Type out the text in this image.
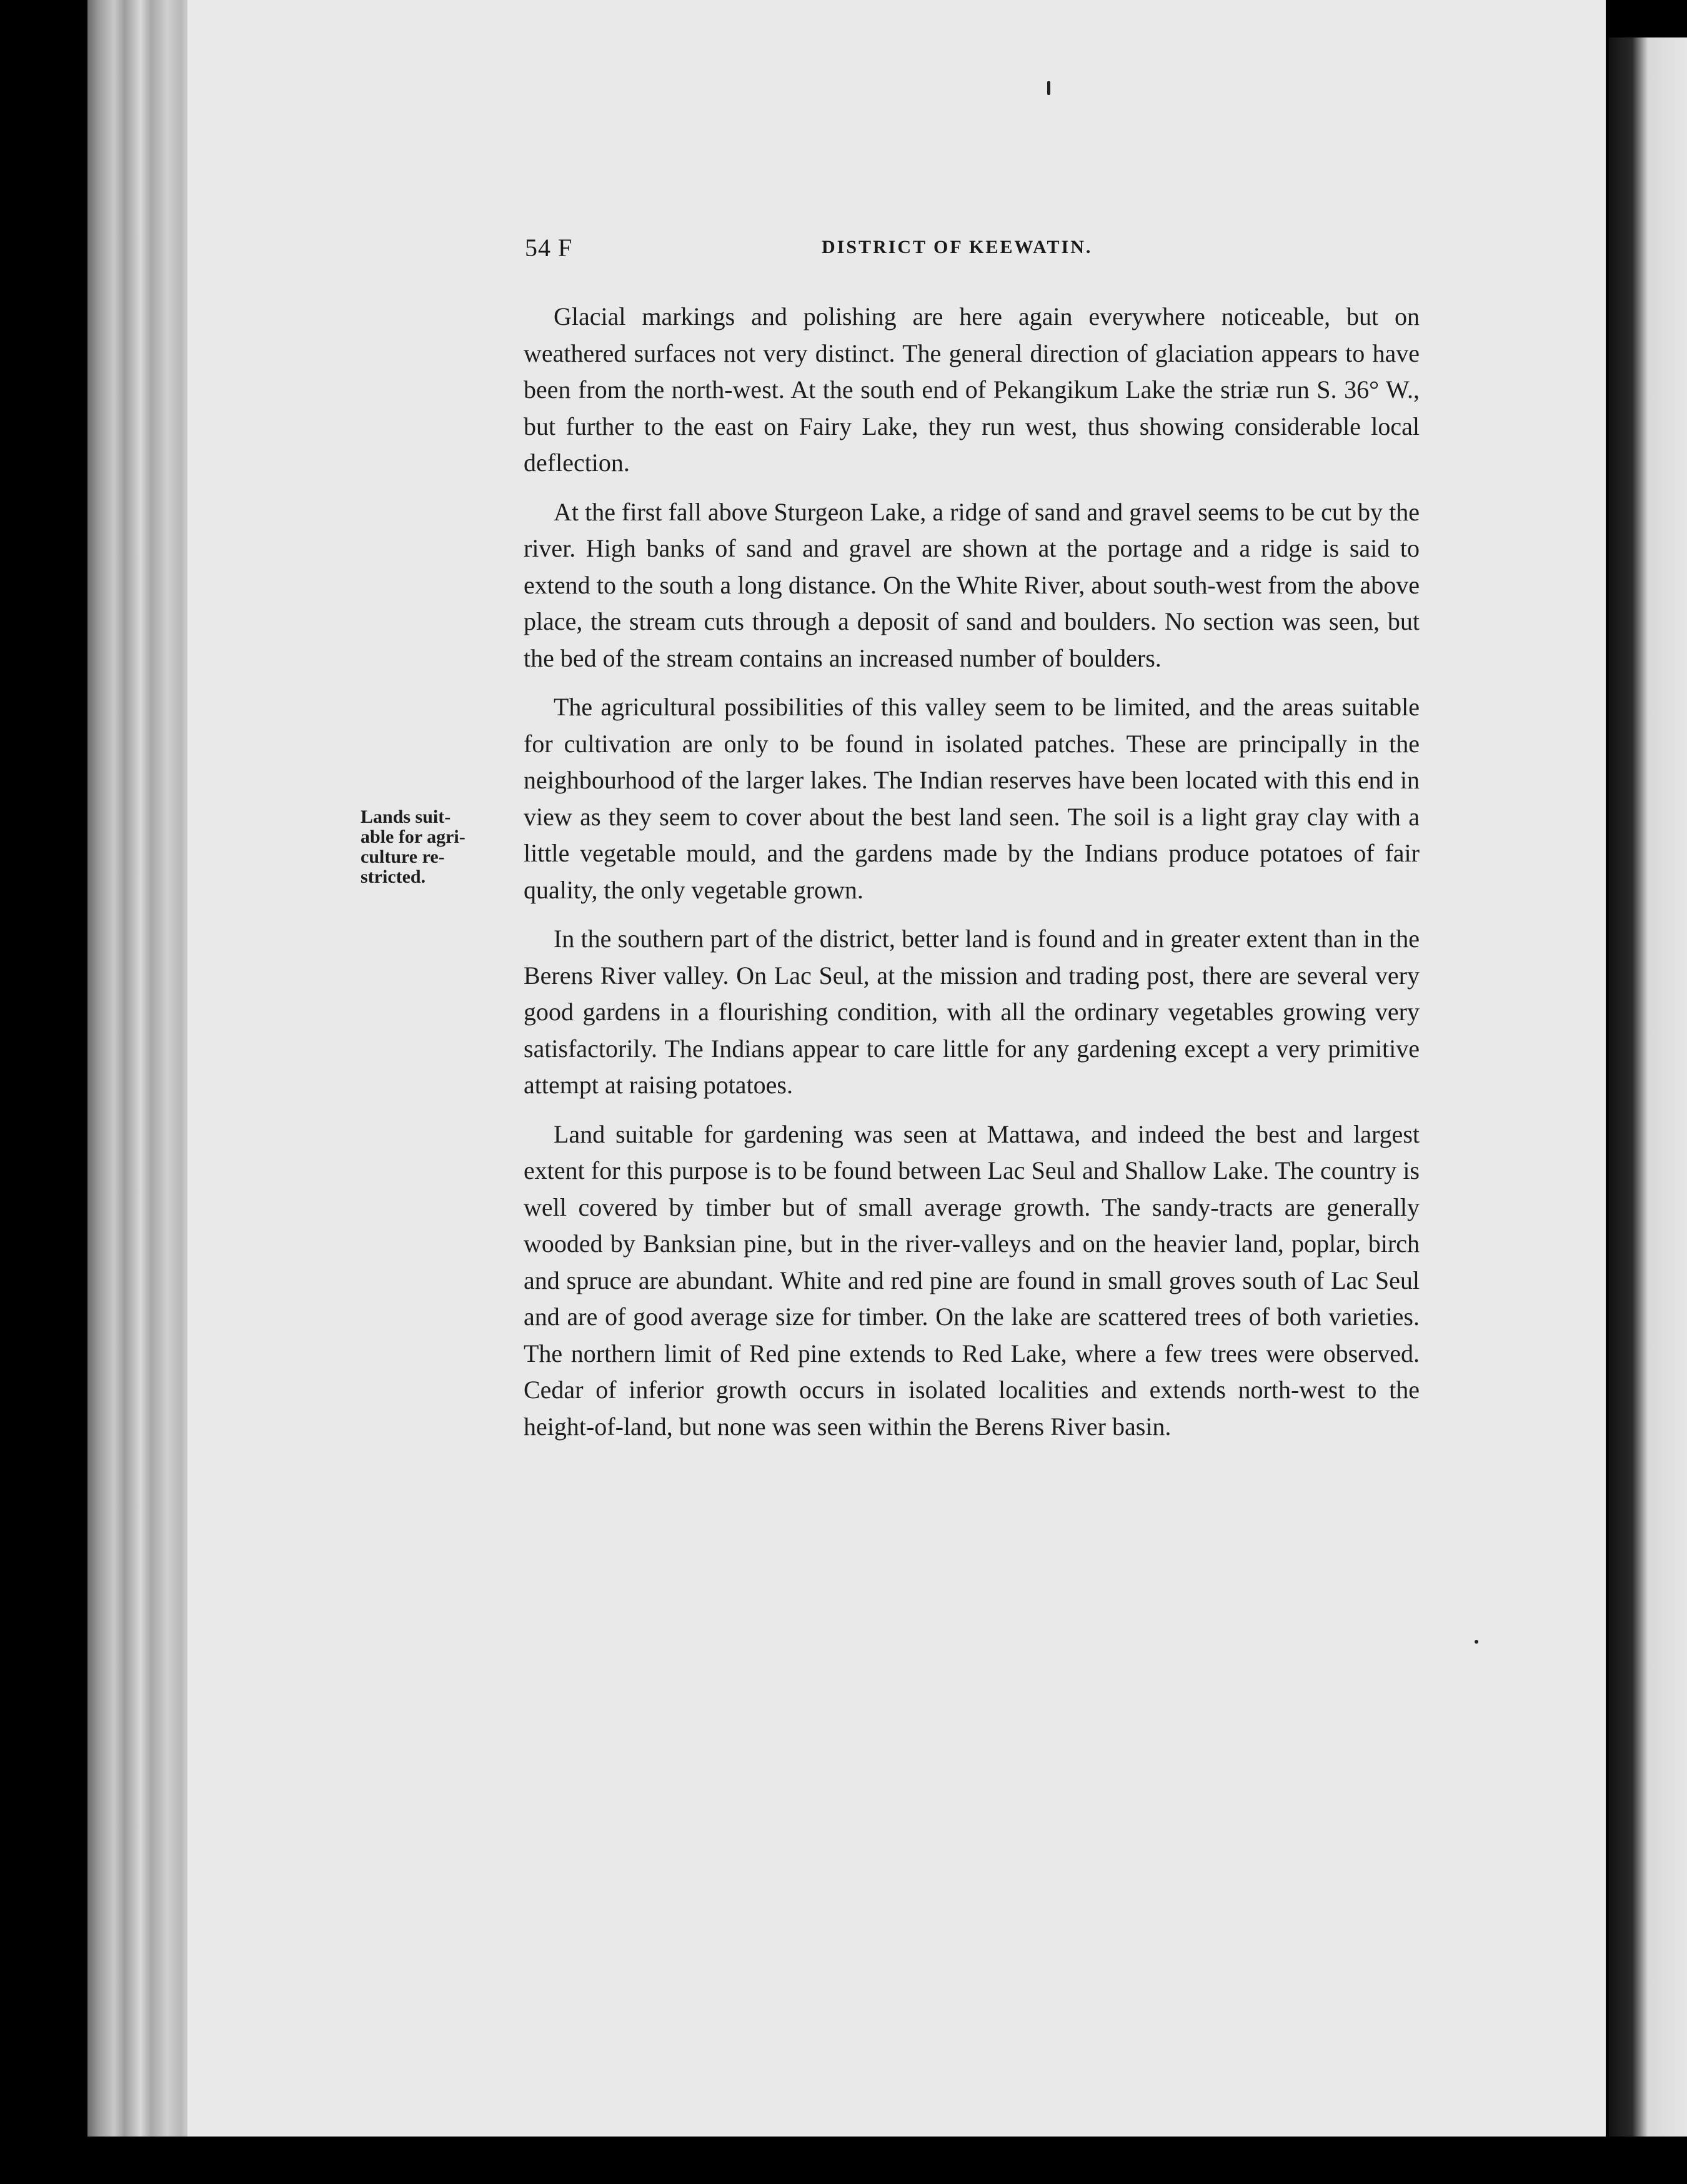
54 F	DISTRICT OF KEEWATIN.
Lands suit-
able for agri-
culture re-
stricted.

Glacial markings and polishing are here again everywhere noticeable, but on weathered surfaces not very distinct. The general direction of glaciation appears to have been from the north-west. At the south end of Pekangikum Lake the striæ run S. 36° W., but further to the east on Fairy Lake, they run west, thus showing considerable local deflection.

At the first fall above Sturgeon Lake, a ridge of sand and gravel seems to be cut by the river. High banks of sand and gravel are shown at the portage and a ridge is said to extend to the south a long distance. On the White River, about south-west from the above place, the stream cuts through a deposit of sand and boulders. No section was seen, but the bed of the stream contains an increased number of boulders.

The agricultural possibilities of this valley seem to be limited, and the areas suitable for cultivation are only to be found in isolated patches. These are principally in the neighbourhood of the larger lakes. The Indian reserves have been located with this end in view as they seem to cover about the best land seen. The soil is a light gray clay with a little vegetable mould, and the gardens made by the Indians produce potatoes of fair quality, the only vegetable grown.

In the southern part of the district, better land is found and in greater extent than in the Berens River valley. On Lac Seul, at the mission and trading post, there are several very good gardens in a flourishing condition, with all the ordinary vegetables growing very satisfactorily. The Indians appear to care little for any gardening except a very primitive attempt at raising potatoes.

Land suitable for gardening was seen at Mattawa, and indeed the best and largest extent for this purpose is to be found between Lac Seul and Shallow Lake. The country is well covered by timber but of small average growth. The sandy-tracts are generally wooded by Banksian pine, but in the river-valleys and on the heavier land, poplar, birch and spruce are abundant. White and red pine are found in small groves south of Lac Seul and are of good average size for timber. On the lake are scattered trees of both varieties. The northern limit of Red pine extends to Red Lake, where a few trees were observed. Cedar of inferior growth occurs in isolated localities and extends north-west to the height-of-land, but none was seen within the Berens River basin.
